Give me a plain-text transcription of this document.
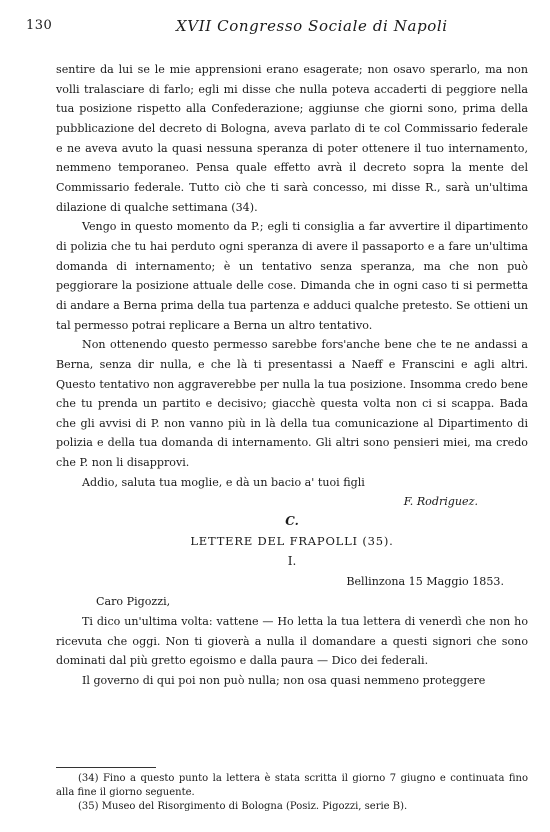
130	XVII Congresso Sociale di Napoli

sentire da lui se le mie apprensioni erano esagerate; non osavo sperarlo, ma non volli tralasciare di farlo; egli mi disse che nulla poteva accaderti di peggiore nella tua posizione rispetto alla Confederazione; aggiunse che giorni sono, prima della pubblicazione del decreto di Bologna, aveva parlato di te col Commissario federale e ne aveva avuto la quasi nessuna speranza di poter ottenere il tuo internamento, nemmeno temporaneo. Pensa quale effetto avrà il decreto sopra la mente del Commissario federale. Tutto ciò che ti sarà concesso, mi disse R., sarà un'ultima dilazione di qualche settimana (34).

Vengo in questo momento da P.; egli ti consiglia a far avvertire il dipartimento di polizia che tu hai perduto ogni speranza di avere il passaporto e a fare un'ultima domanda di internamento; è un tentativo senza speranza, ma che non può peggiorare la posizione attuale delle cose. Dimanda che in ogni caso ti si permetta di andare a Berna prima della tua partenza e adduci qualche pretesto. Se ottieni un tal permesso potrai replicare a Berna un altro tentativo.

Non ottenendo questo permesso sarebbe fors'anche bene che te ne andassi a Berna, senza dir nulla, e che là ti presentassi a Naeff e Franscini e agli altri. Questo tentativo non aggraverebbe per nulla la tua posizione. Insomma credo bene che tu prenda un partito e decisivo; giacchè questa volta non ci si scappa. Bada che gli avvisi di P. non vanno più in là della tua comunicazione al Dipartimento di polizia e della tua domanda di internamento. Gli altri sono pensieri miei, ma credo che P. non li disapprovi.

Addio, saluta tua moglie, e dà un bacio a' tuoi figli

F. Rodriguez.

C.

LETTERE DEL FRAPOLLI (35).

I.

Bellinzona 15 Maggio 1853.

Caro Pigozzi,

Ti dico un'ultima volta: vattene — Ho letta la tua lettera di venerdì che non ho ricevuta che oggi. Non ti gioverà a nulla il domandare a questi signori che sono dominati dal più gretto egoismo e dalla paura — Dico dei federali.

Il governo di qui poi non può nulla; non osa quasi nemmeno proteggere

(34) Fino a questo punto la lettera è stata scritta il giorno 7 giugno e continuata fino alla fine il giorno seguente.

(35) Museo del Risorgimento di Bologna (Posiz. Pigozzi, serie B).
